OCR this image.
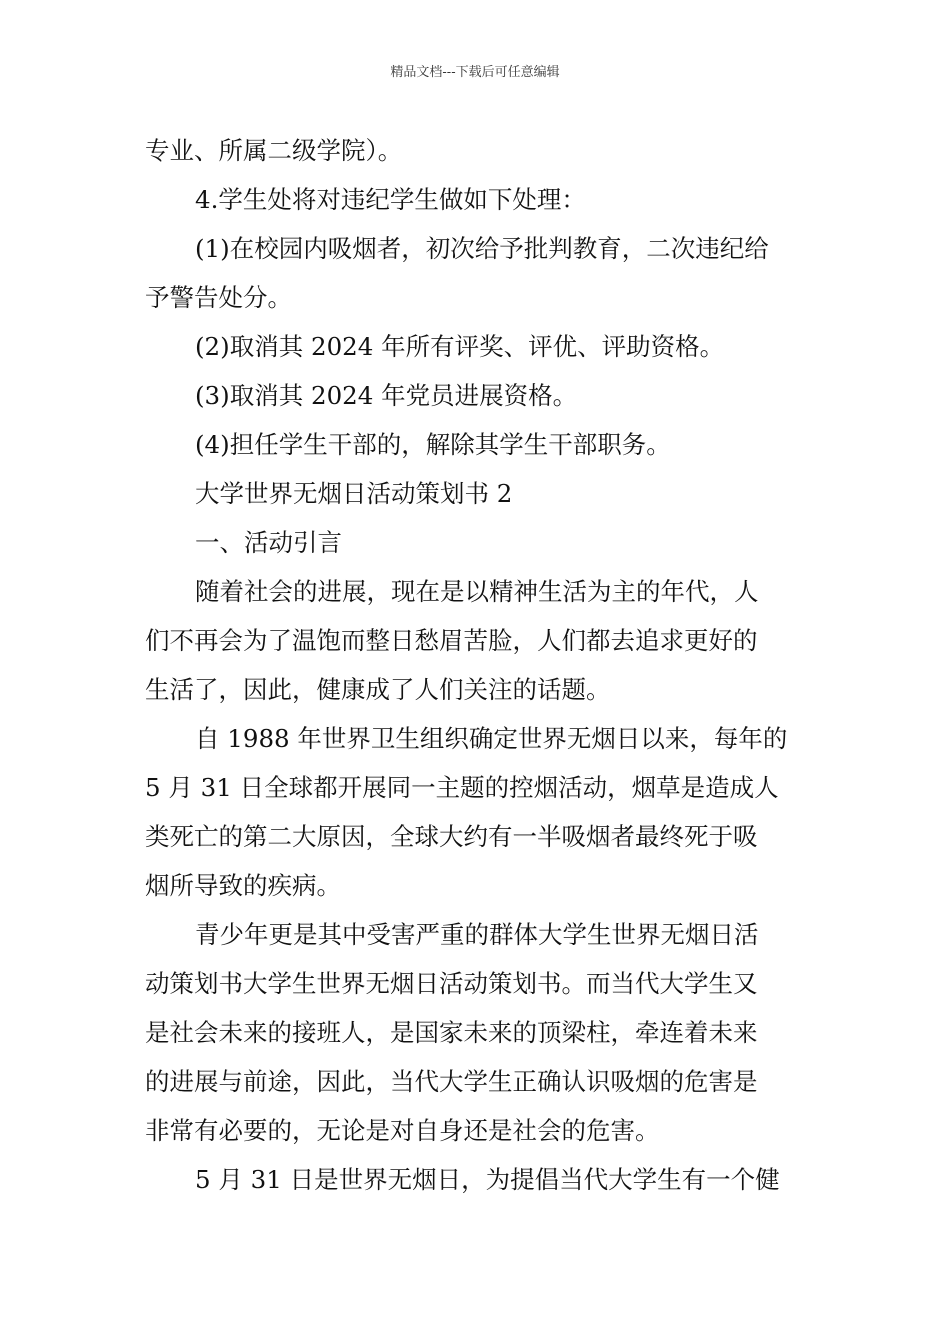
精品文档---下载后可任意编辑

专业、所属二级学院）。

4.学生处将对违纪学生做如下处理：

(1)在校园内吸烟者，初次给予批判教育，二次违纪给

予警告处分。

(2)取消其 2024 年所有评奖、评优、评助资格。

(3)取消其 2024 年党员进展资格。

(4)担任学生干部的，解除其学生干部职务。

大学世界无烟日活动策划书 2

一、活动引言

随着社会的进展，现在是以精神生活为主的年代，人

们不再会为了温饱而整日愁眉苦脸，人们都去追求更好的

生活了，因此，健康成了人们关注的话题。

自 1988 年世界卫生组织确定世界无烟日以来，每年的

5 月 31 日全球都开展同一主题的控烟活动，烟草是造成人

类死亡的第二大原因，全球大约有一半吸烟者最终死于吸

烟所导致的疾病。

青少年更是其中受害严重的群体大学生世界无烟日活

动策划书大学生世界无烟日活动策划书。而当代大学生又

是社会未来的接班人，是国家未来的顶梁柱，牵连着未来

的进展与前途，因此，当代大学生正确认识吸烟的危害是

非常有必要的，无论是对自身还是社会的危害。

5 月 31 日是世界无烟日，为提倡当代大学生有一个健
